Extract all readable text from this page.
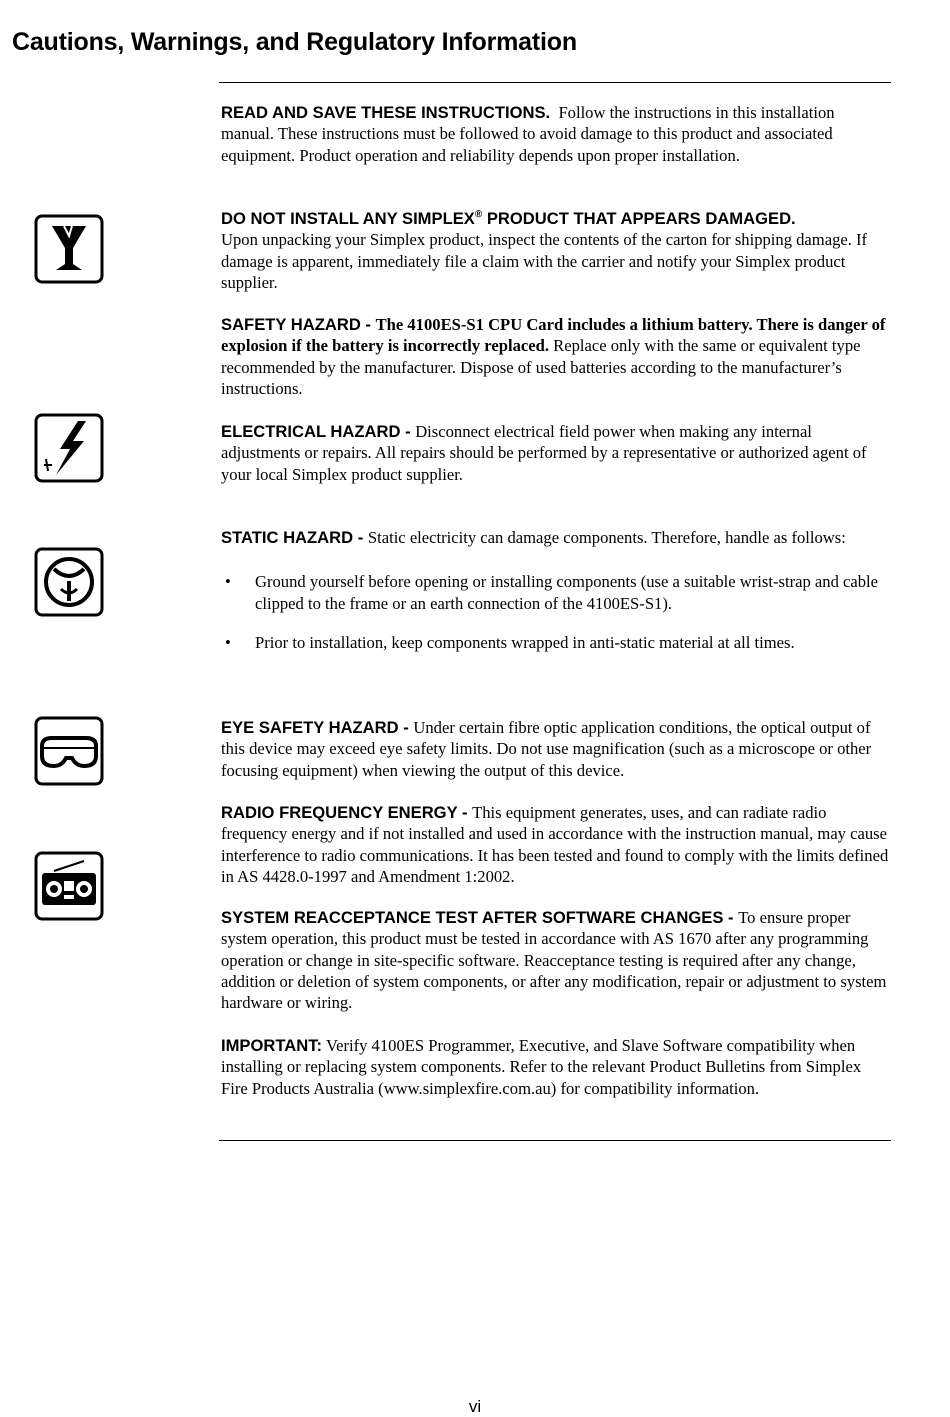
Cautions, Warnings, and Regulatory Information
READ AND SAVE THESE INSTRUCTIONS. Follow the instructions in this installation manual. These instructions must be followed to avoid damage to this product and associated equipment. Product operation and reliability depends upon proper installation.
DO NOT INSTALL ANY SIMPLEX® PRODUCT THAT APPEARS DAMAGED.
Upon unpacking your Simplex product, inspect the contents of the carton for shipping damage. If damage is apparent, immediately file a claim with the carrier and notify your Simplex product supplier.
SAFETY HAZARD - The 4100ES-S1 CPU Card includes a lithium battery. There is danger of explosion if the battery is incorrectly replaced. Replace only with the same or equivalent type recommended by the manufacturer. Dispose of used batteries according to the manufacturer’s instructions.
ELECTRICAL HAZARD - Disconnect electrical field power when making any internal adjustments or repairs. All repairs should be performed by a representative or authorized agent of your local Simplex product supplier.
STATIC HAZARD - Static electricity can damage components. Therefore, handle as follows:
• Ground yourself before opening or installing components (use a suitable wrist-strap and cable clipped to the frame or an earth connection of the 4100ES-S1).
• Prior to installation, keep components wrapped in anti-static material at all times.
EYE SAFETY HAZARD - Under certain fibre optic application conditions, the optical output of this device may exceed eye safety limits. Do not use magnification (such as a microscope or other focusing equipment) when viewing the output of this device.
RADIO FREQUENCY ENERGY - This equipment generates, uses, and can radiate radio frequency energy and if not installed and used in accordance with the instruction manual, may cause interference to radio communications. It has been tested and found to comply with the limits defined in AS 4428.0-1997 and Amendment 1:2002.
SYSTEM REACCEPTANCE TEST AFTER SOFTWARE CHANGES - To ensure proper system operation, this product must be tested in accordance with AS 1670 after any programming operation or change in site-specific software. Reacceptance testing is required after any change, addition or deletion of system components, or after any modification, repair or adjustment to system hardware or wiring.
IMPORTANT: Verify 4100ES Programmer, Executive, and Slave Software compatibility when installing or replacing system components. Refer to the relevant Product Bulletins from Simplex Fire Products Australia (www.simplexfire.com.au) for compatibility information.
vi
